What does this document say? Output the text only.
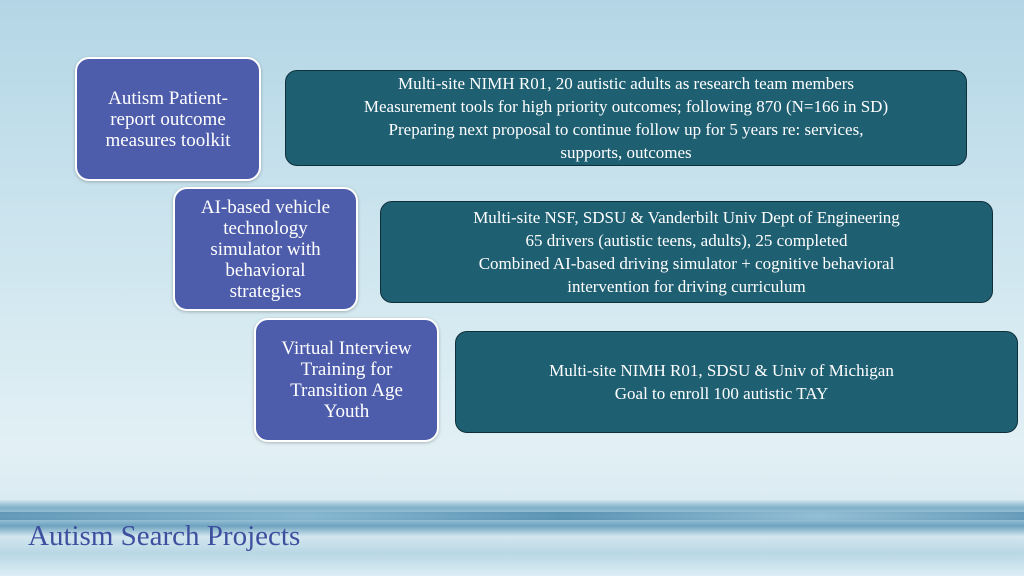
Autism Patient-
report outcome
measures toolkit
Multi-site NIMH R01, 20 autistic adults as research team members
Measurement tools for high priority outcomes; following 870 (N=166 in SD)
Preparing next proposal to continue follow up for 5 years re: services,
supports, outcomes
AI-based vehicle
technology
simulator with
behavioral
strategies
Multi-site NSF, SDSU & Vanderbilt Univ Dept of Engineering
65 drivers (autistic teens, adults), 25 completed
Combined AI-based driving simulator + cognitive behavioral
intervention for driving curriculum
Virtual Interview
Training for
Transition Age
Youth
Multi-site NIMH R01, SDSU & Univ of Michigan
Goal to enroll 100 autistic TAY
Autism Search Projects
